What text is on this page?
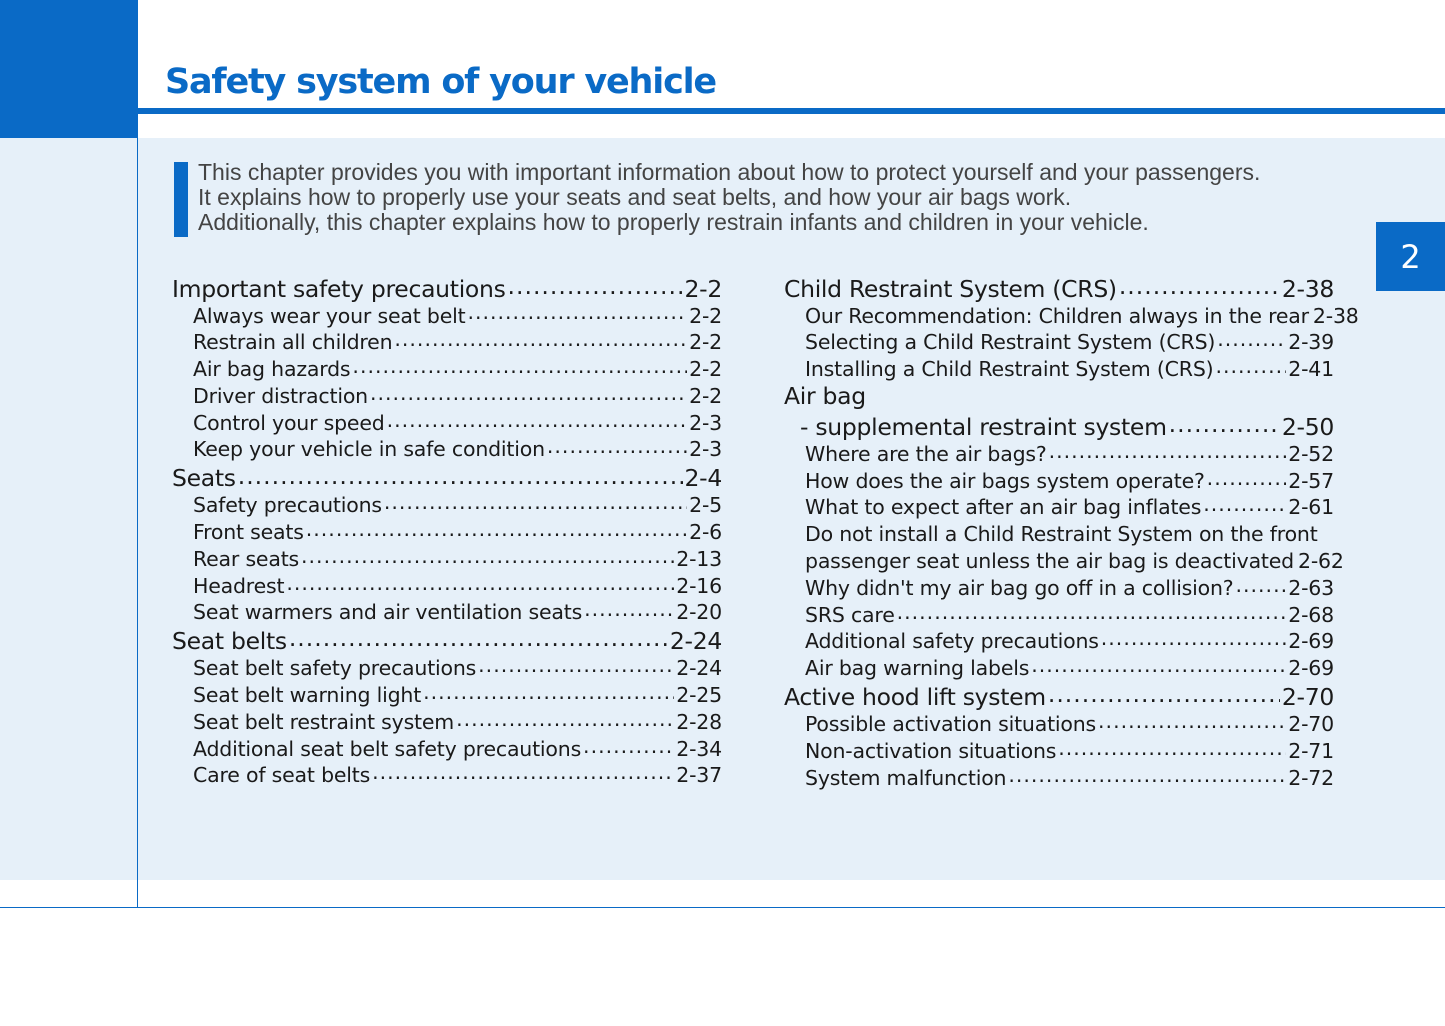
Safety system of your vehicle
2

This chapter provides you with important information about how to protect yourself and your passengers.
It explains how to properly use your seats and seat belts, and how your air bags work.
Additionally, this chapter explains how to properly restrain infants and children in your vehicle.

Important safety precautions .....	2-2
Always wear your seat belt .....	2-2
Restrain all children .....	2-2
Air bag hazards .....	2-2
Driver distraction .....	2-2
Control your speed .....	2-3
Keep your vehicle in safe condition .....	2-3
Seats .....	2-4
Safety precautions .....	2-5
Front seats .....	2-6
Rear seats .....	2-13
Headrest .....	2-16
Seat warmers and air ventilation seats .....	2-20
Seat belts .....	2-24
Seat belt safety precautions .....	2-24
Seat belt warning light .....	2-25
Seat belt restraint system .....	2-28
Additional seat belt safety precautions .....	2-34
Care of seat belts .....	2-37
Child Restraint System (CRS) .....	2-38
Our Recommendation: Children always in the rear 2-38
Selecting a Child Restraint System (CRS) .....	2-39
Installing a Child Restraint System (CRS) .....	2-41
Air bag
- supplemental restraint system .....	2-50
Where are the air bags? .....	2-52
How does the air bags system operate? .....	2-57
What to expect after an air bag inflates .....	2-61
Do not install a Child Restraint System on the front
passenger seat unless the air bag is deactivated 2-62
Why didn't my air bag go off in a collision? .....	2-63
SRS care .....	2-68
Additional safety precautions .....	2-69
Air bag warning labels .....	2-69
Active hood lift system .....	2-70
Possible activation situations .....	2-70
Non-activation situations .....	2-71
System malfunction .....	2-72
